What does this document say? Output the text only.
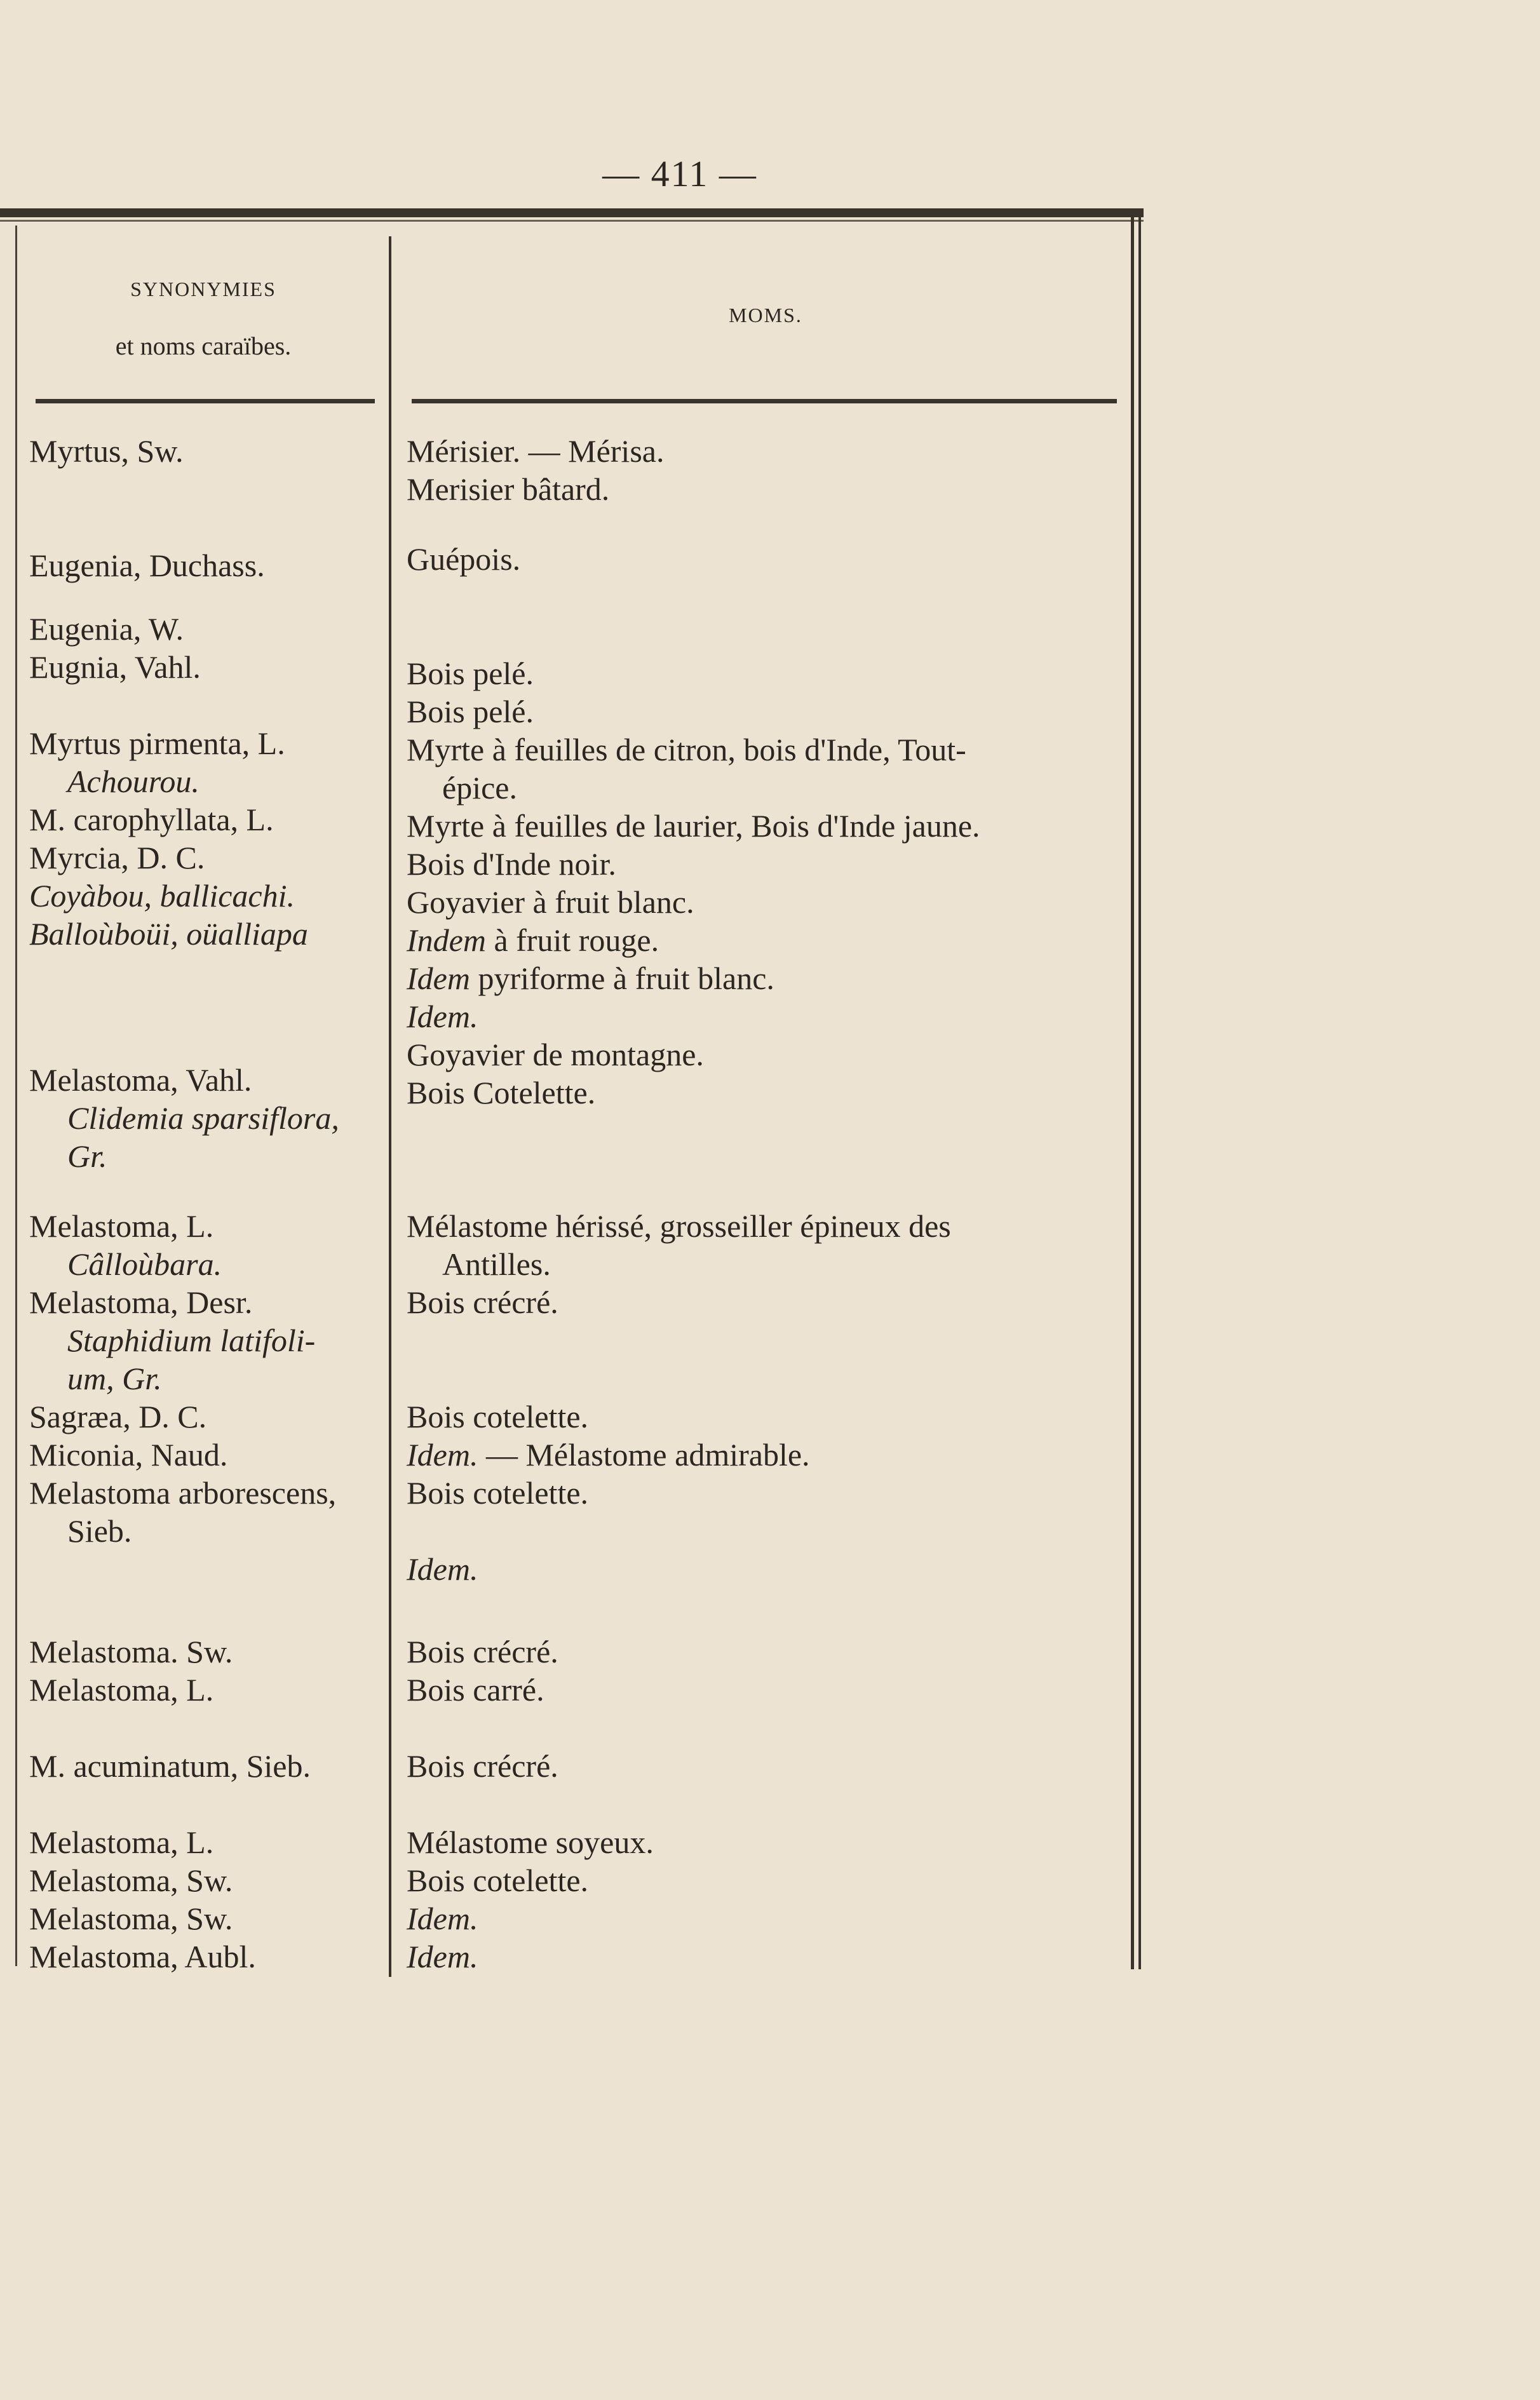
— 411 —
SYNONYMIES
et noms caraïbes.
MOMS.
Myrtus, Sw.
Eugenia, Duchass.
Eugenia, W.
Eugnia, Vahl.
Myrtus pirmenta, L.
Achourou.
M. carophyllata, L.
Myrcia, D. C.
Coyàbou, ballicachi.
Balloùboüi, oüalliapa
Melastoma, Vahl.
Clidemia sparsiflora,
Gr.
Melastoma, L.
Câlloùbara.
Melastoma, Desr.
Staphidium latifoli-
um, Gr.
Sagræa, D. C.
Miconia, Naud.
Melastoma arborescens,
Sieb.
Melastoma. Sw.
Melastoma, L.
M. acuminatum, Sieb.
Melastoma, L.
Melastoma, Sw.
Melastoma, Sw.
Melastoma, Aubl.
Mérisier. — Mérisa.
Merisier bâtard.
Guépois.
Bois pelé.
Bois pelé.
Myrte à feuilles de citron, bois d'Inde, Tout-
épice.
Myrte à feuilles de laurier, Bois d'Inde jaune.
Bois d'Inde noir.
Goyavier à fruit blanc.
Indem à fruit rouge.
Idem pyriforme à fruit blanc.
Idem.
Goyavier de montagne.
Bois Cotelette.
Mélastome hérissé, grosseiller épineux des
Antilles.
Bois crécré.
Bois cotelette.
Idem. — Mélastome admirable.
Bois cotelette.
Idem.
Bois crécré.
Bois carré.
Bois crécré.
Mélastome soyeux.
Bois cotelette.
Idem.
Idem.
